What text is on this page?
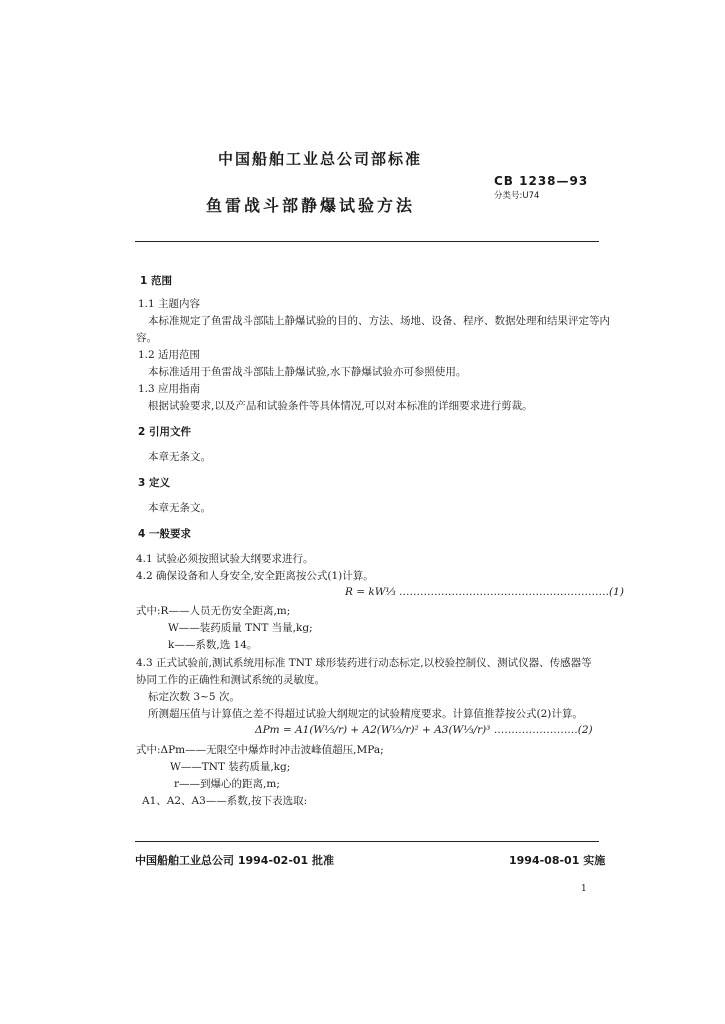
中国船舶工业总公司部标准
CB 1238—93
分类号:U74
鱼雷战斗部静爆试验方法
1 范围
1.1 主题内容
本标准规定了鱼雷战斗部陆上静爆试验的目的、方法、场地、设备、程序、数据处理和结果评定等内
容。
1.2 适用范围
本标准适用于鱼雷战斗部陆上静爆试验,水下静爆试验亦可参照使用。
1.3 应用指南
根据试验要求,以及产品和试验条件等具体情况,可以对本标准的详细要求进行剪裁。
2 引用文件
本章无条文。
3 定义
本章无条文。
4 一般要求
4.1 试验必须按照试验大纲要求进行。
4.2 确保设备和人身安全,安全距离按公式(1)计算。
R = kW⅓ ……………………………………………………(1)
式中:R——人员无伤安全距离,m;
W——装药质量 TNT 当量,kg;
k——系数,选 14。
4.3 正式试验前,测试系统用标准 TNT 球形装药进行动态标定,以校验控制仪、测试仪器、传感器等
协同工作的正确性和测试系统的灵敏度。
标定次数 3~5 次。
所测超压值与计算值之差不得超过试验大纲规定的试验精度要求。计算值推荐按公式(2)计算。
ΔPm = A1(W⅓/r) + A2(W⅓/r)² + A3(W⅓/r)³ ……………………(2)
式中:ΔPm——无限空中爆炸时冲击波峰值超压,MPa;
W——TNT 装药质量,kg;
r——到爆心的距离,m;
A1、A2、A3——系数,按下表选取:
中国船舶工业总公司 1994-02-01 批准	1994-08-01 实施
1
